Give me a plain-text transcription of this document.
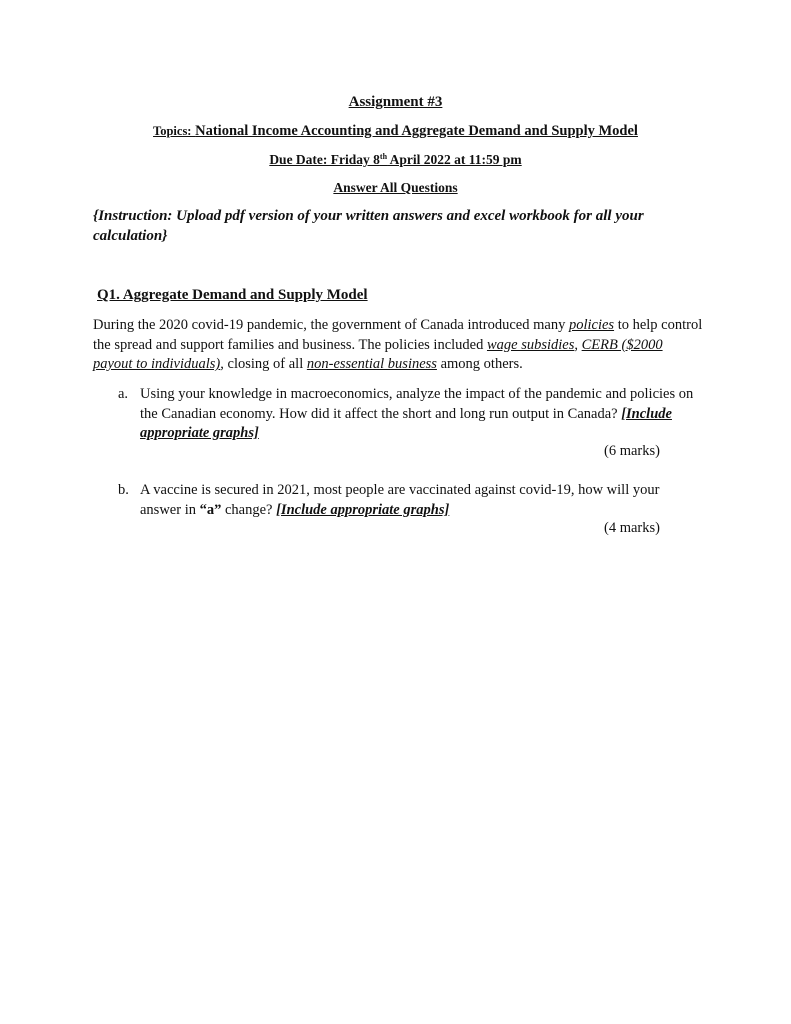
Assignment #3
Topics: National Income Accounting and Aggregate Demand and Supply Model
Due Date: Friday 8th April 2022 at 11:59 pm
Answer All Questions
{Instruction: Upload pdf version of your written answers and excel workbook for all your calculation}
Q1. Aggregate Demand and Supply Model
During the 2020 covid-19 pandemic, the government of Canada introduced many policies to help control the spread and support families and business. The policies included wage subsidies, CERB ($2000 payout to individuals), closing of all non-essential business among others.
a. Using your knowledge in macroeconomics, analyze the impact of the pandemic and policies on the Canadian economy. How did it affect the short and long run output in Canada? [Include appropriate graphs]
(6 marks)
b. A vaccine is secured in 2021, most people are vaccinated against covid-19, how will your answer in “a” change? [Include appropriate graphs]
(4 marks)
